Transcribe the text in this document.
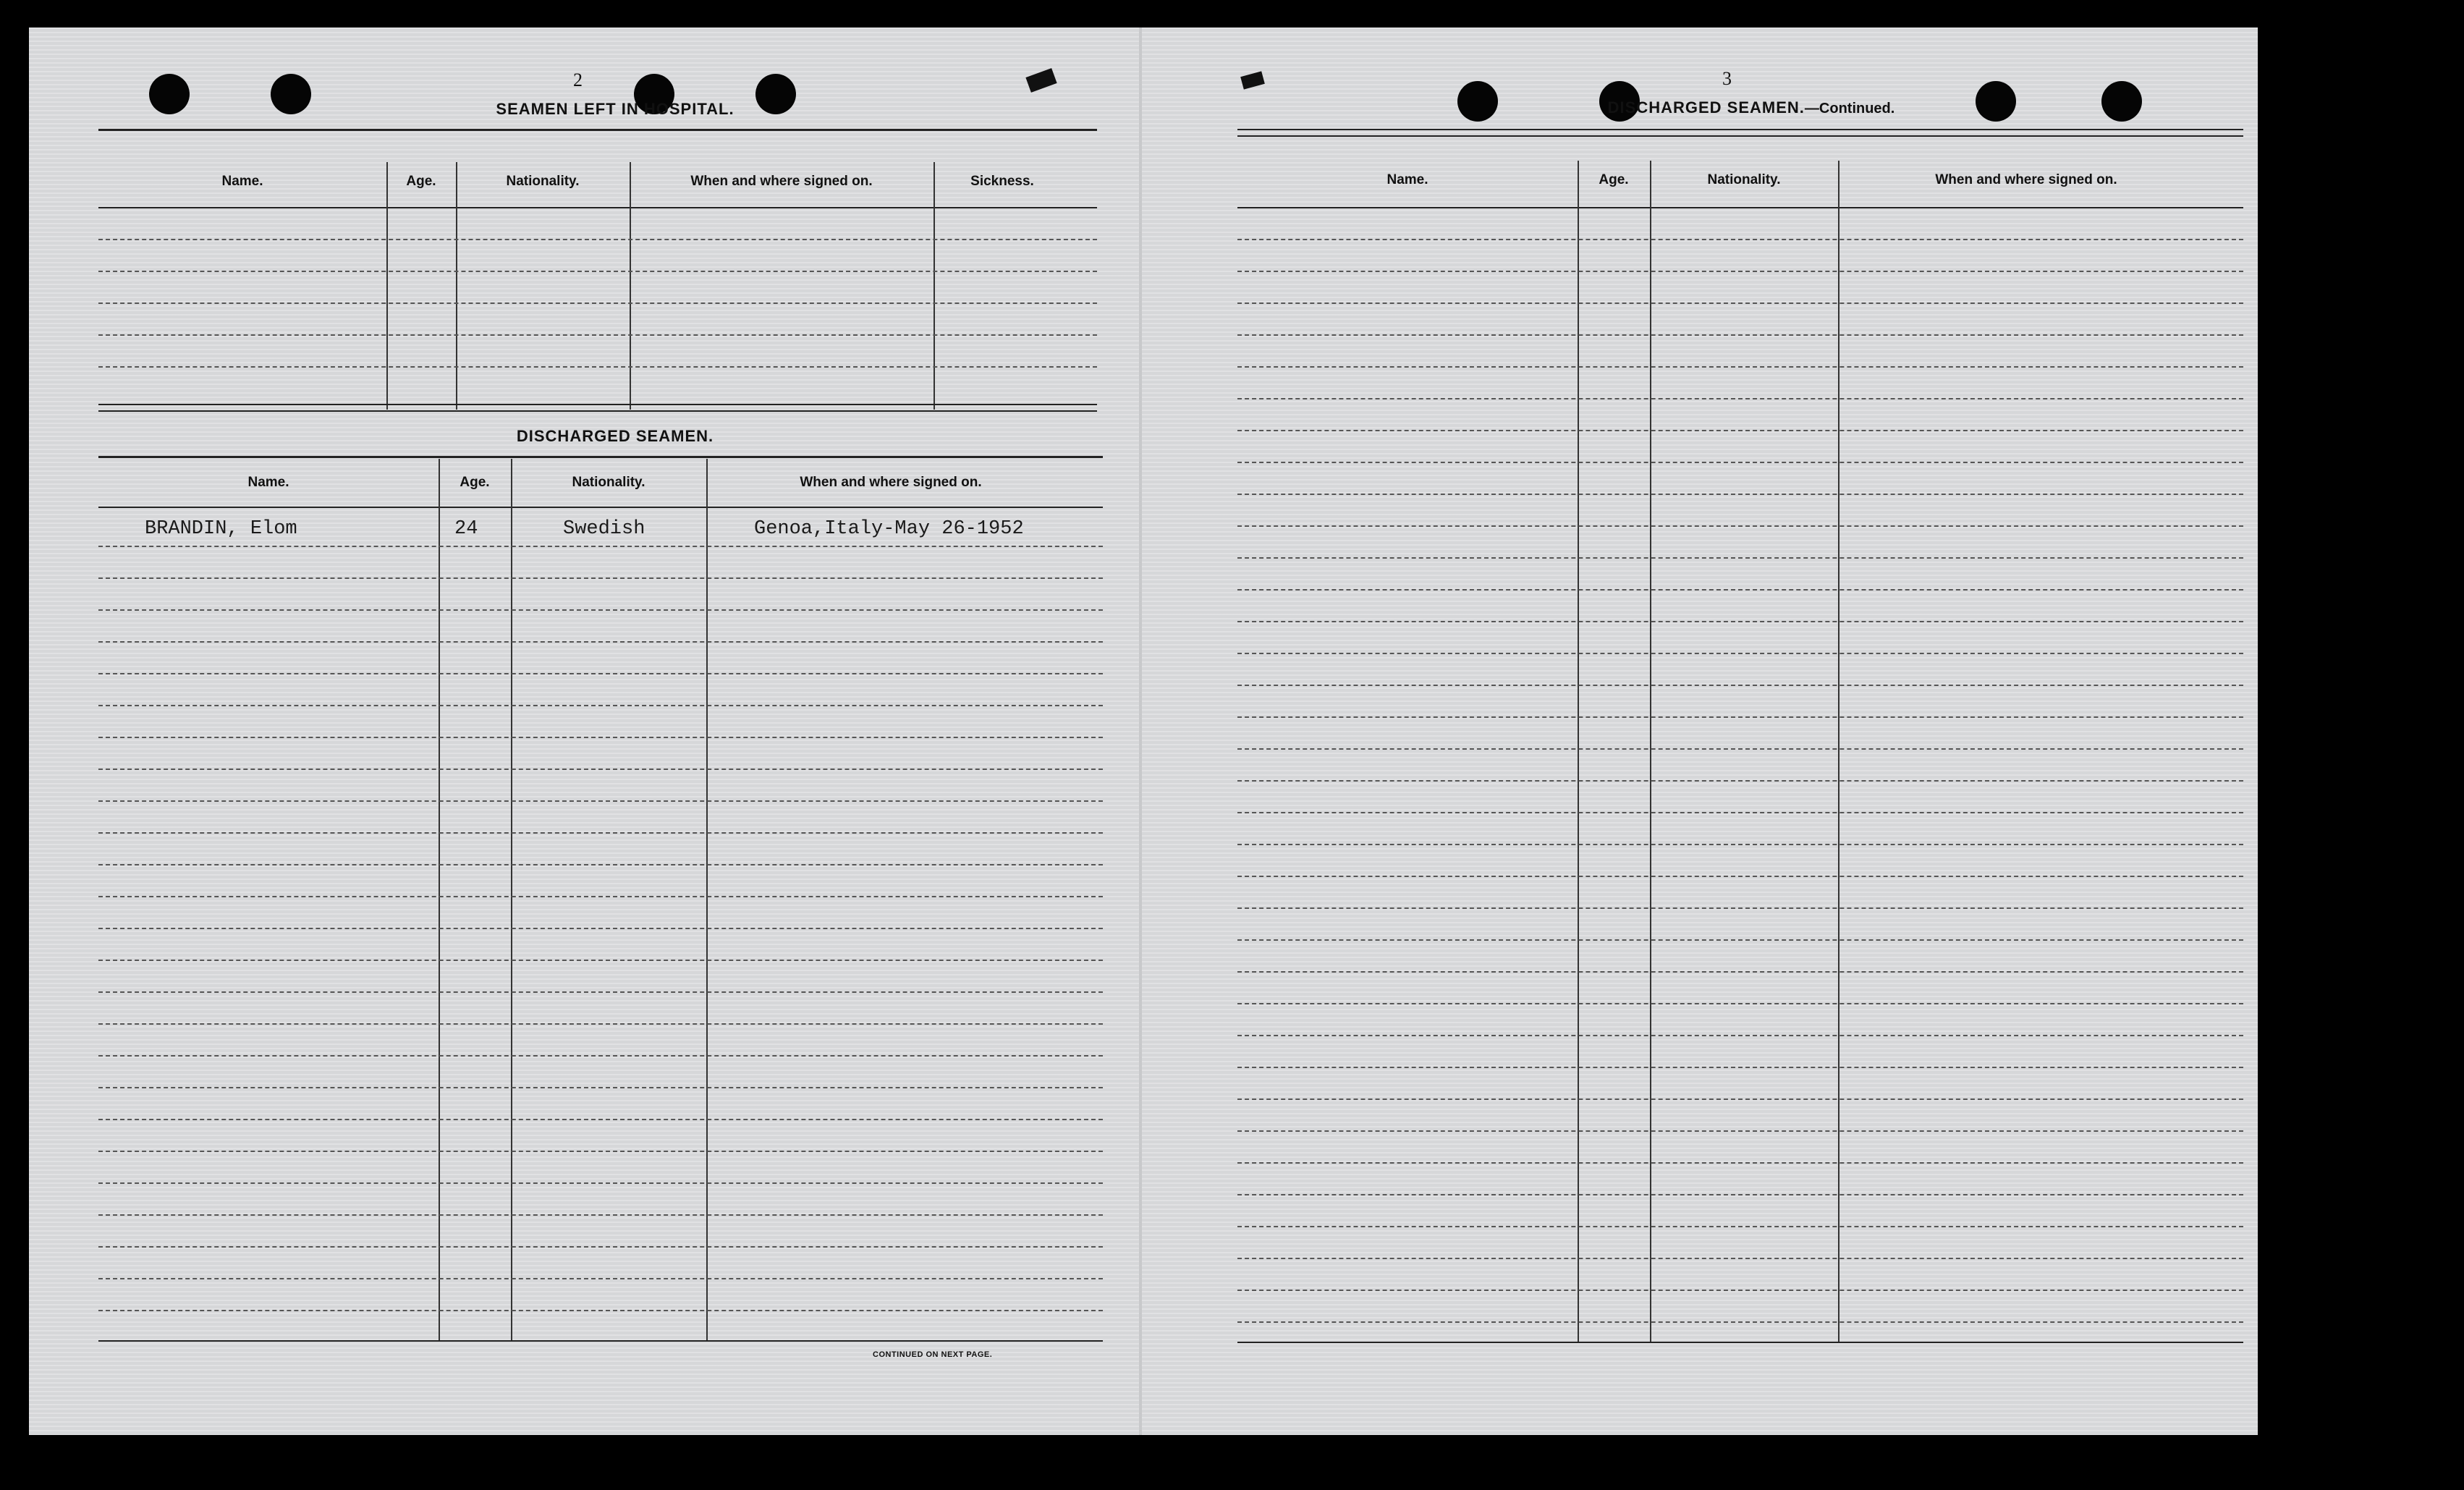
2
SEAMEN LEFT IN HOSPITAL.
Name.	Age.	Nationality.	When and where signed on.	Sickness.
DISCHARGED SEAMEN.
Name.	Age.	Nationality.	When and where signed on.
BRANDIN, Elom	24	Swedish	Genoa,Italy-May 26-1952
CONTINUED ON NEXT PAGE.
3
DISCHARGED SEAMEN.—Continued.
Name.	Age.	Nationality.	When and where signed on.
